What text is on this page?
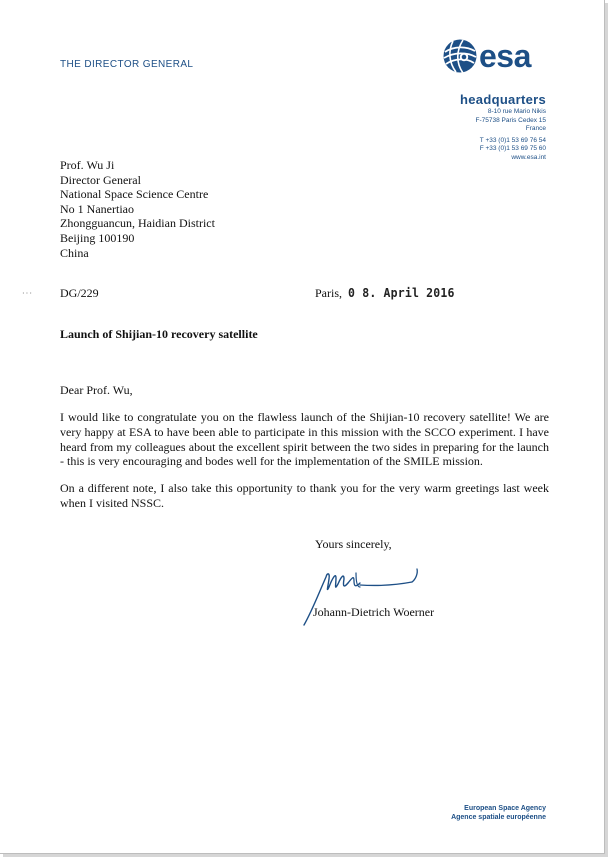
THE DIRECTOR GENERAL	esa
headquarters
8-10 rue Mario Nikis
F-75738 Paris Cedex 15
France
T +33 (0)1 53 69 76 54
F +33 (0)1 53 69 75 60
www.esa.int
Prof. Wu Ji
Director General
National Space Science Centre
No 1 Nanertiao
Zhongguancun, Haidian District
Beijing 100190
China
··· DG/229	Paris, 0 8. April 2016
Launch of Shijian-10 recovery satellite
Dear Prof. Wu,

I would like to congratulate you on the flawless launch of the Shijian-10 recovery satellite! We are very happy at ESA to have been able to participate in this mission with the SCCO experiment. I have heard from my colleagues about the excellent spirit between the two sides in preparing for the launch - this is very encouraging and bodes well for the implementation of the SMILE mission.

On a different note, I also take this opportunity to thank you for the very warm greetings last week when I visited NSSC.

Yours sincerely,
Johann-Dietrich Woerner
European Space Agency
Agence spatiale européenne
